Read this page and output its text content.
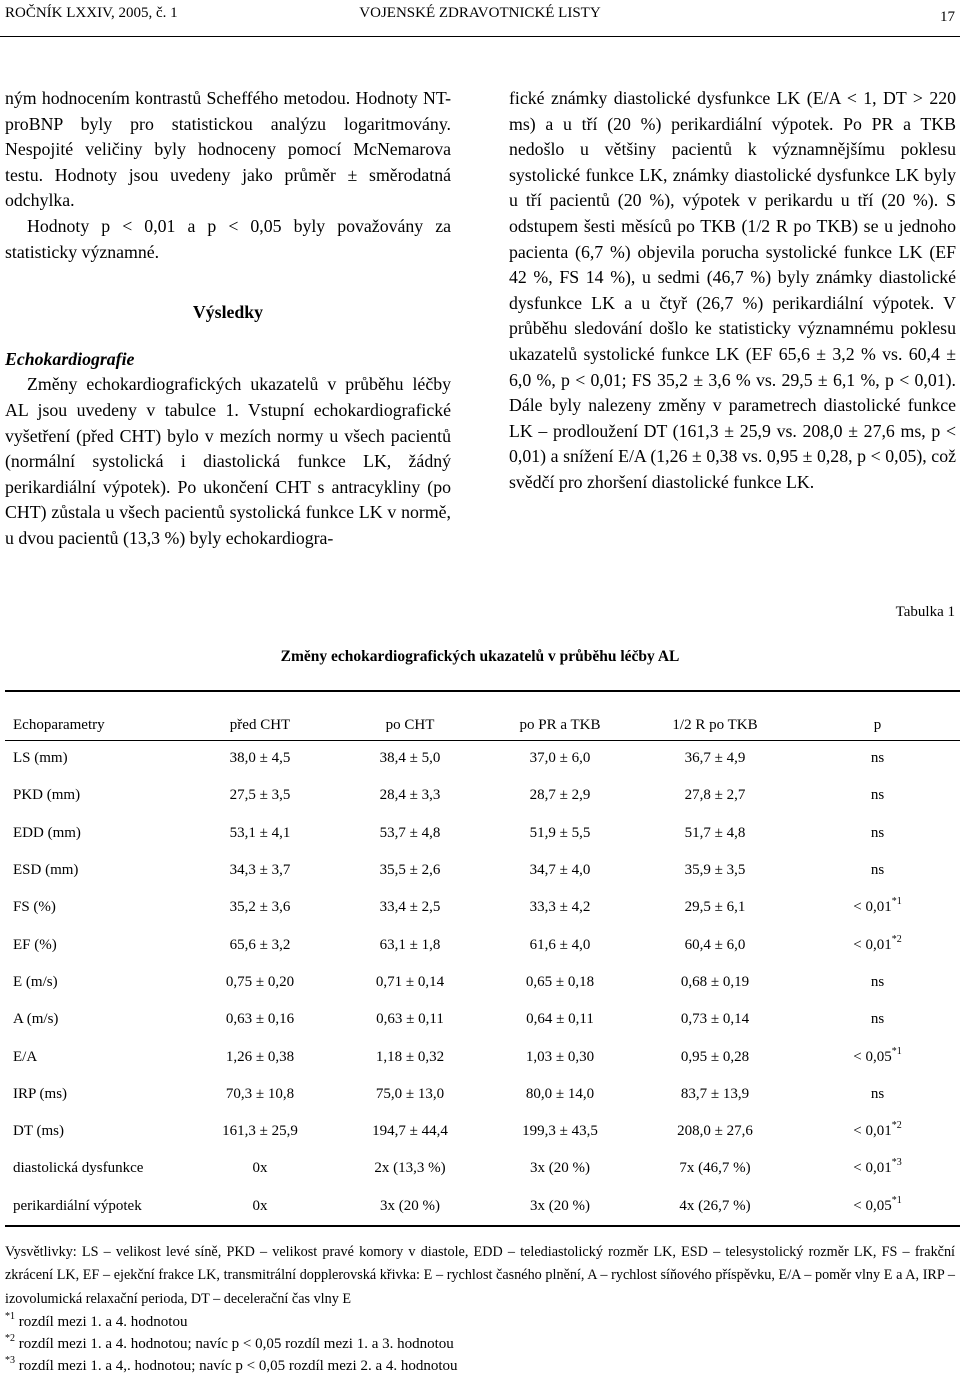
ROČNÍK LXXIV, 2005, č. 1	VOJENSKÉ ZDRAVOTNICKÉ LISTY	17

ným hodnocením kontrastů Scheffého metodou. Hodnoty NT-proBNP byly pro statistickou analýzu logaritmovány. Nespojité veličiny byly hodnoceny pomocí McNemarova testu. Hodnoty jsou uvedeny jako průměr ± směrodatná odchylka.

Hodnoty p < 0,01 a p < 0,05 byly považovány za statisticky významné.

Výsledky

Echokardiografie

Změny echokardiografických ukazatelů v průběhu léčby AL jsou uvedeny v tabulce 1. Vstupní echokardiografické vyšetření (před CHT) bylo v mezích normy u všech pacientů (normální systolická i diastolická funkce LK, žádný perikardiální výpotek). Po ukončení CHT s antracykliny (po CHT) zůstala u všech pacientů systolická funkce LK v normě, u dvou pacientů (13,3 %) byly echokardiogra-

fické známky diastolické dysfunkce LK (E/A < 1, DT > 220 ms) a u tří (20 %) perikardiální výpotek. Po PR a TKB nedošlo u většiny pacientů k významnějšímu poklesu systolické funkce LK, známky diastolické dysfunkce LK byly u tří pacientů (20 %), výpotek v perikardu u tří (20 %). S odstupem šesti měsíců po TKB (1/2 R po TKB) se u jednoho pacienta (6,7 %) objevila porucha systolické funkce LK (EF 42 %, FS 14 %), u sedmi (46,7 %) byly známky diastolické dysfunkce LK a u čtyř (26,7 %) perikardiální výpotek. V průběhu sledování došlo ke statisticky významnému poklesu ukazatelů systolické funkce LK (EF 65,6 ± 3,2 % vs. 60,4 ± 6,0 %, p < 0,01; FS 35,2 ± 3,6 % vs. 29,5 ± 6,1 %, p < 0,01). Dále byly nalezeny změny v parametrech diastolické funkce LK – prodloužení DT (161,3 ± 25,9 vs. 208,0 ± 27,6 ms, p < 0,01) a snížení E/A (1,26 ± 0,38 vs. 0,95 ± 0,28, p < 0,05), což svědčí pro zhoršení diastolické funkce LK.

Tabulka 1
Změny echokardiografických ukazatelů v průběhu léčby AL
Echoparametry	před CHT	po CHT	po PR a TKB	1/2 R po TKB	p
LS (mm)	38,0 ± 4,5	38,4 ± 5,0	37,0 ± 6,0	36,7 ± 4,9	ns
PKD (mm)	27,5 ± 3,5	28,4 ± 3,3	28,7 ± 2,9	27,8 ± 2,7	ns
EDD (mm)	53,1 ± 4,1	53,7 ± 4,8	51,9 ± 5,5	51,7 ± 4,8	ns
ESD (mm)	34,3 ± 3,7	35,5 ± 2,6	34,7 ± 4,0	35,9 ± 3,5	ns
FS (%)	35,2 ± 3,6	33,4 ± 2,5	33,3 ± 4,2	29,5 ± 6,1	< $0,01^{*1}$
EF (%)	65,6 ± 3,2	63,1 ± 1,8	61,6 ± 4,0	60,4 ± 6,0	< $0,01^{*2}$
E (m/s)	0,75 ± 0,20	0,71 ± 0,14	0,65 ± 0,18	0,68 ± 0,19	ns
A (m/s)	0,63 ± 0,16	0,63 ± 0,11	0,64 ± 0,11	0,73 ± 0,14	ns
E/A	1,26 ± 0,38	1,18 ± 0,32	1,03 ± 0,30	0,95 ± 0,28	< $0,05^{*1}$
IRP (ms)	70,3 ± 10,8	75,0 ± 13,0	80,0 ± 14,0	83,7 ± 13,9	ns
DT (ms)	161,3 ± 25,9	194,7 ± 44,4	199,3 ± 43,5	208,0 ± 27,6	< $0,01^{*2}$
diastolická dysfunkce	0x	2x (13,3 %)	3x (20 %)	7x (46,7 %)	< $0,01^{*3}$
perikardiální výpotek	0x	3x (20 %)	3x (20 %)	4x (26,7 %)	< $0,05^{*1}$

Vysvětlivky: LS – velikost levé síně, PKD – velikost pravé komory v diastole, EDD – telediastolický rozměr LK, ESD – telesystolický rozměr LK, FS – frakční zkrácení LK, EF – ejekční frakce LK, transmitrální dopplerovská křivka: E – rychlost časného plnění, A – rychlost síňového příspěvku, E/A – poměr vlny E a A, IRP – izovolumická relaxační perioda, DT – decelerační čas vlny E

$^{*1}$ rozdíl mezi 1. a 4. hodnotou
$^{*2}$ rozdíl mezi 1. a 4. hodnotou; navíc p < 0,05 rozdíl mezi 1. a 3. hodnotou
$^{*3}$ rozdíl mezi 1. a 4,. hodnotou; navíc p < 0,05 rozdíl mezi 2. a 4. hodnotou
